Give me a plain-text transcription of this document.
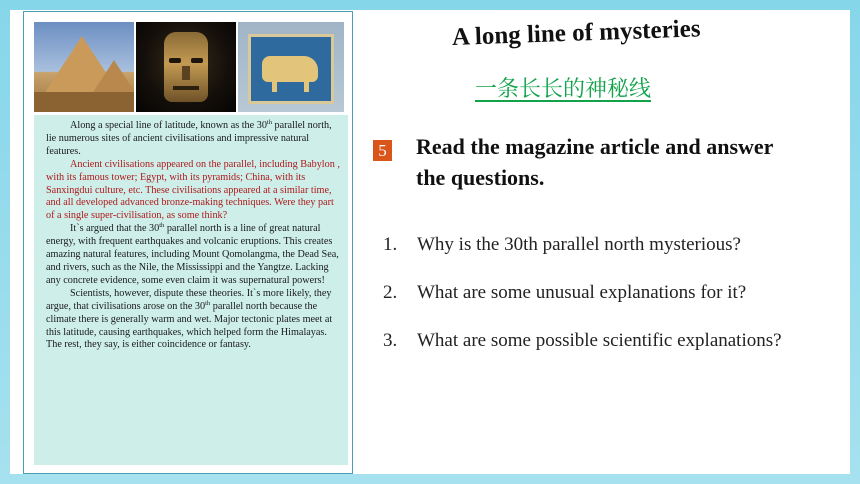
Along a special line of latitude, known as the 30th parallel north, lie numerous sites of ancient civilisations and impressive natural features.

Ancient civilisations appeared on the parallel, including Babylon , with its famous tower; Egypt, with its pyramids; China, with its Sanxingdui culture, etc. These civilisations appeared at a similar time, and all developed advanced bronze-making techniques. Were they part of a single super-civilisation, as some think?

It`s argued that the 30th parallel north is a line of great natural energy, with frequent earthquakes and volcanic eruptions. This creates amazing natural features, including Mount Qomolangma, the Dead Sea, and rivers, such as the Nile, the Mississippi and the Yangtze. Lacking any concrete evidence, some even claim it was supernatural powers!

Scientists, however, dispute these theories. It`s more likely, they argue, that civilisations arose on the 30th parallel north because the climate there is generally warm and wet. Major tectonic plates meet at this latitude, causing earthquakes, which helped form the Himalayas. The rest, they say, is either coincidence or fantasy.

A long line of mysteries
一条长长的神秘线
5 Read the magazine article and answer the questions.
1.	Why is the 30th parallel north mysterious?
2.	What are some unusual explanations for it?
3.	What are some possible scientific explanations?
